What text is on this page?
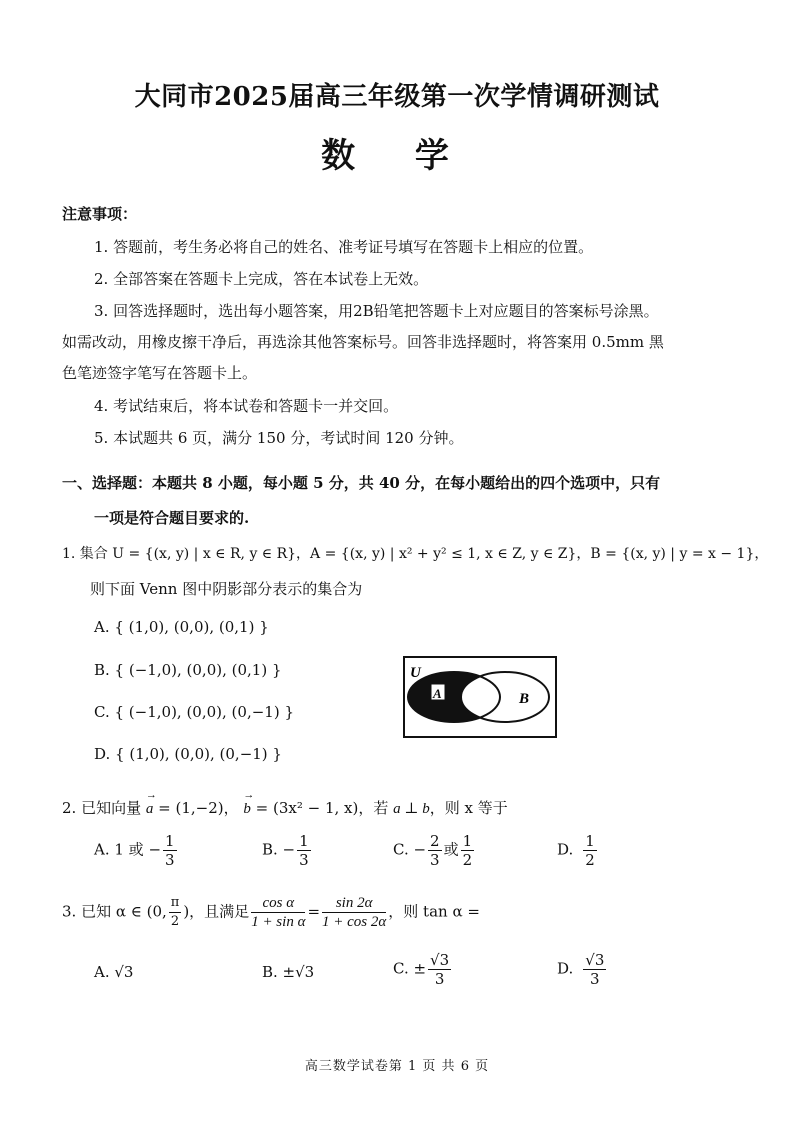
大同市2025届高三年级第一次学情调研测试
数 学
注意事项：
1. 答题前，考生务必将自己的姓名、准考证号填写在答题卡上相应的位置。
2. 全部答案在答题卡上完成，答在本试卷上无效。
3. 回答选择题时，选出每小题答案，用2B铅笔把答题卡上对应题目的答案标号涂黑。
如需改动，用橡皮擦干净后，再选涂其他答案标号。回答非选择题时，将答案用 0.5mm 黑
色笔迹签字笔写在答题卡上。
4. 考试结束后，将本试卷和答题卡一并交回。
5. 本试题共 6 页，满分 150 分，考试时间 120 分钟。
一、选择题：本题共 8 小题，每小题 5 分，共 40 分，在每小题给出的四个选项中，只有
一项是符合题目要求的.
1. 集合 U = {(x, y) | x ∈ R, y ∈ R}，A = {(x, y) | x² + y² ≤ 1, x ∈ Z, y ∈ Z}，B = {(x, y) | y = x − 1}，
则下面 Venn 图中阴影部分表示的集合为
A. { (1,0), (0,0), (0,1) }
B. { (−1,0), (0,0), (0,1) }
C. { (−1,0), (0,0), (0,−1) }
D. { (1,0), (0,0), (0,−1) }
U
A	B
2. 已知向量 → a = (1,−2)， → b = (3x² − 1, x)，若 a ⊥ b，则 x 等于
A. 1 或 − $\frac{1}{3}$	B. − $\frac{1}{3}$	C. − $\frac{2}{3}$ 或 $\frac{1}{2}$	D. $\frac{1}{2}$
3. 已知 α ∈ (0, $\frac{\pi}{2}$ )，且满足 $\frac{\text{cos α}}{\text{1 + sin α}} = \frac{\sin 2\alpha}{1 + \cos 2\alpha}$ ，则 tan α =
A. √3	B. ±√3	C. ± $\frac{√3}{3}$	D. $\frac{√3}{3}$
高三数学试卷第 1 页 共 6 页
